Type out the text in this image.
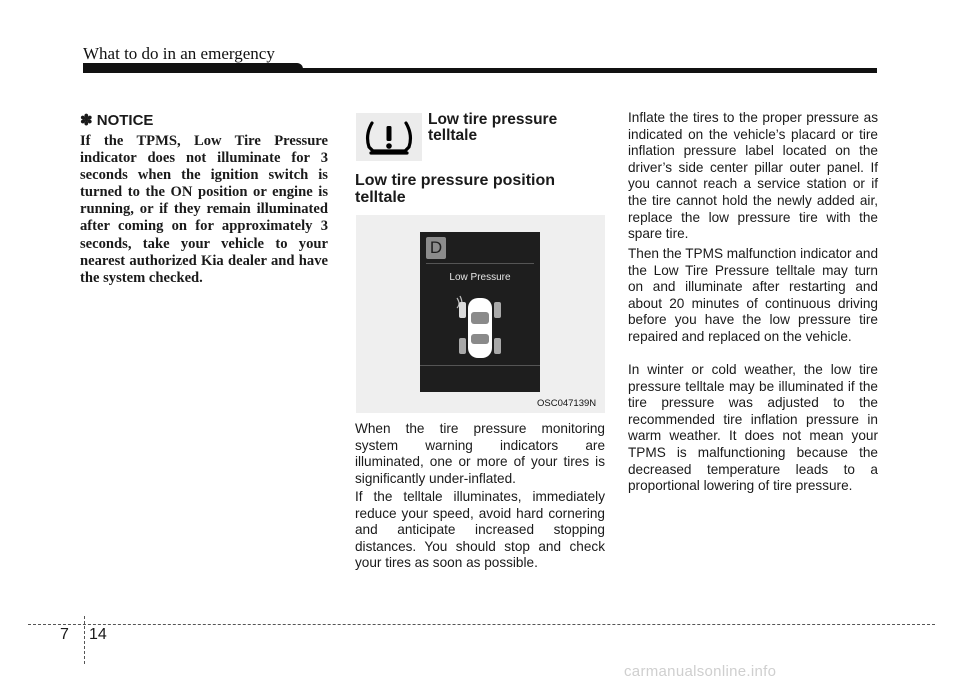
What to do in an emergency
✽ NOTICE
If the TPMS, Low Tire Pressure indicator does not illuminate for 3 seconds when the ignition switch is turned to the ON position or engine is running, or if they remain illuminated after coming on for approximately 3 seconds, take your vehicle to your nearest authorized Kia dealer and have the system checked.
Low tire pressure telltale
Low tire pressure position telltale
D
Low Pressure
OSC047139N

When the tire pressure monitoring system warning indicators are illuminated, one or more of your tires is significantly under-inflated.

If the telltale illuminates, immediately reduce your speed, avoid hard cornering and anticipate increased stopping distances. You should stop and check your tires as soon as possible.

Inflate the tires to the proper pressure as indicated on the vehicle’s placard or tire inflation pressure label located on the driver’s side center pillar outer panel. If you cannot reach a service station or if the tire cannot hold the newly added air, replace the low pressure tire with the spare tire.

Then the TPMS malfunction indicator and the Low Tire Pressure telltale may turn on and illuminate after restarting and about 20 minutes of continuous driving before you have the low pressure tire repaired and replaced on the vehicle.

In winter or cold weather, the low tire pressure telltale may be illuminated if the tire pressure was adjusted to the recommended tire inflation pressure in warm weather. It does not mean your TPMS is malfunctioning because the decreased temperature leads to a proportional lowering of tire pressure.

7 14
carmanualsonline.info
